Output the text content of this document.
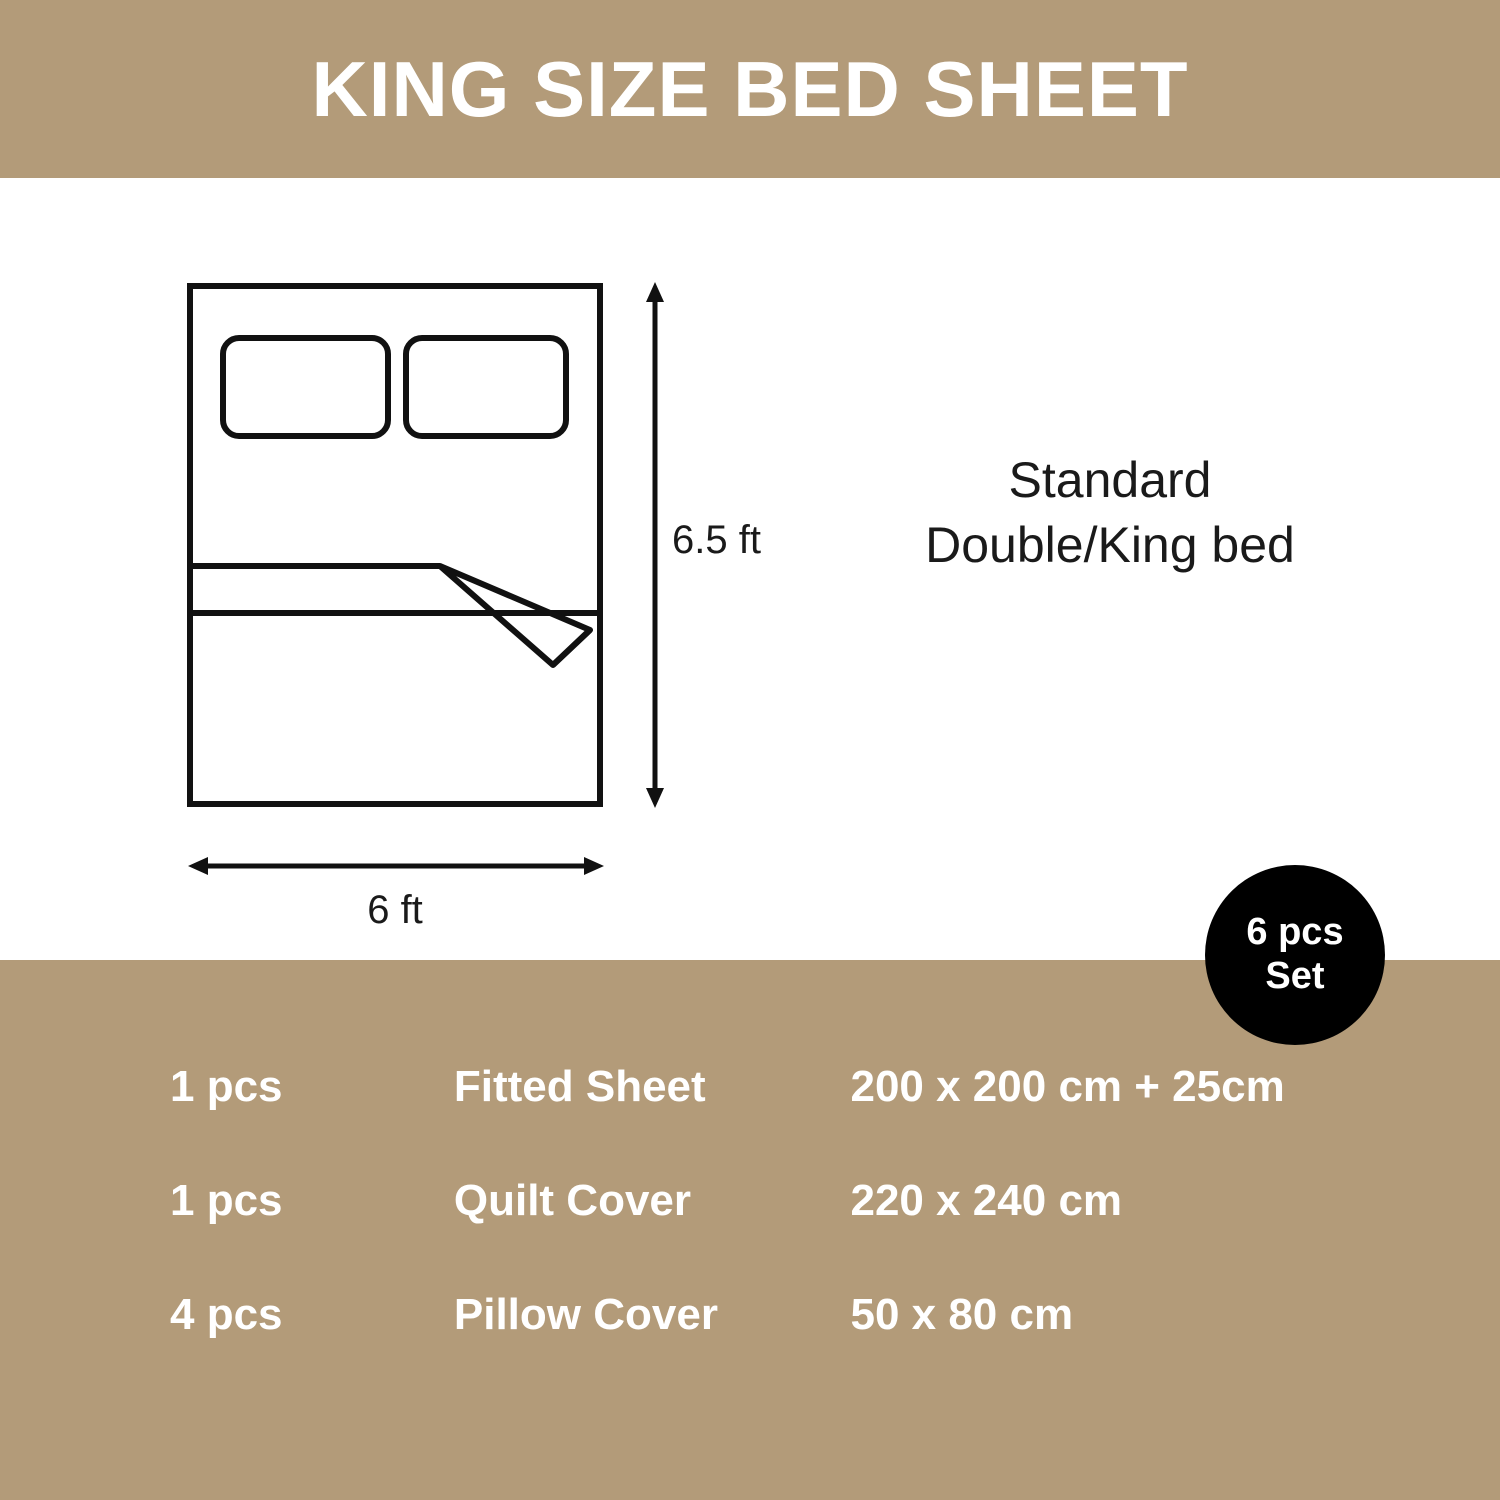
KING SIZE BED SHEET
6.5 ft
6 ft
Standard
Double/King bed
1 pcs	Fitted Sheet	200 x 200 cm + 25cm
1 pcs	Quilt Cover	220 x 240 cm
4 pcs	Pillow Cover	50 x 80 cm
6 pcs
Set
